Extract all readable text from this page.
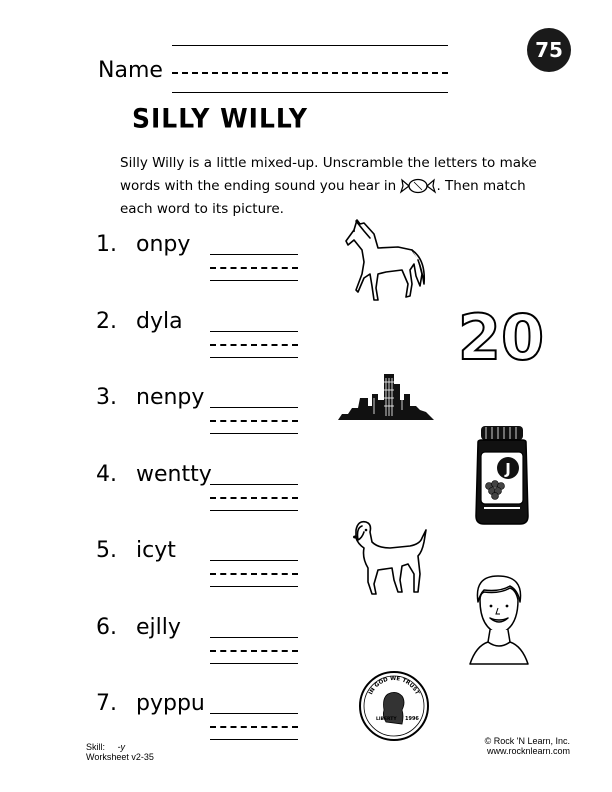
75
Name
SILLY WILLY
Silly Willy is a little mixed-up. Unscramble the letters to make words with the ending sound you hear in	. Then match each word to its picture.
1. onpy
2. dyla
3. nenpy
4. wentty
5. icyt
6. ejlly
7. pyppu
20
J
IN GOD WE TRUST
LIBERTY 1996
Skill: -y
Worksheet v2-35
© Rock 'N Learn, Inc.
www.rocknlearn.com
